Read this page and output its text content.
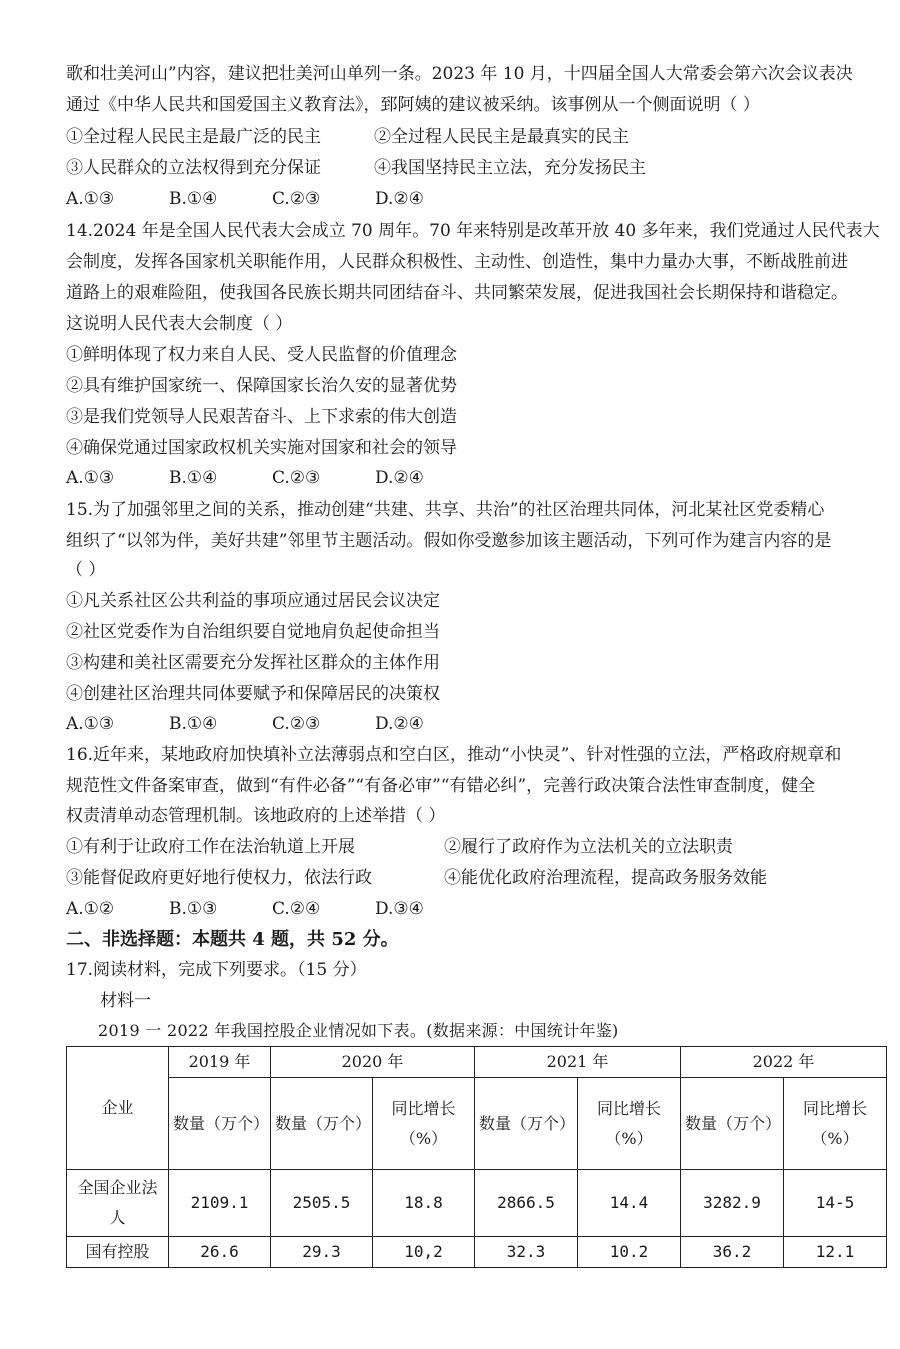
歌和壮美河山”内容，建议把壮美河山单列一条。2023 年 10 月，十四届全国人大常委会第六次会议表决
通过《中华人民共和国爱国主义教育法》，郅阿姨的建议被采纳。该事例从一个侧面说明（ ）
①全过程人民民主是最广泛的民主	②全过程人民民主是最真实的民主
③人民群众的立法权得到充分保证	④我国坚持民主立法，充分发扬民主
A.①③	B.①④	C.②③	D.②④
14.2024 年是全国人民代表大会成立 70 周年。70 年来特别是改革开放 40 多年来，我们党通过人民代表大
会制度，发挥各国家机关职能作用，人民群众积极性、主动性、创造性，集中力量办大事，不断战胜前进
道路上的艰难险阻，使我国各民族长期共同团结奋斗、共同繁荣发展，促进我国社会长期保持和谐稳定。
这说明人民代表大会制度（ ）
①鲜明体现了权力来自人民、受人民监督的价值理念
②具有维护国家统一、保障国家长治久安的显著优势
③是我们党领导人民艰苦奋斗、上下求索的伟大创造
④确保党通过国家政权机关实施对国家和社会的领导
A.①③	B.①④	C.②③	D.②④
15.为了加强邻里之间的关系，推动创建“共建、共享、共治”的社区治理共同体，河北某社区党委精心
组织了“以邻为伴，美好共建”邻里节主题活动。假如你受邀参加该主题活动，下列可作为建言内容的是
（ ）
①凡关系社区公共利益的事项应通过居民会议决定
②社区党委作为自治组织要自觉地肩负起使命担当
③构建和美社区需要充分发挥社区群众的主体作用
④创建社区治理共同体要赋予和保障居民的决策权
A.①③	B.①④	C.②③	D.②④
16.近年来，某地政府加快填补立法薄弱点和空白区，推动“小快灵”、针对性强的立法，严格政府规章和
规范性文件备案审查，做到“有件必备”“有备必审”“有错必纠”，完善行政决策合法性审查制度，健全
权责清单动态管理机制。该地政府的上述举措（ ）
①有利于让政府工作在法治轨道上开展	②履行了政府作为立法机关的立法职责
③能督促政府更好地行使权力，依法行政	④能优化政府治理流程，提高政务服务效能
A.①②	B.①③	C.②④	D.③④
二、非选择题：本题共 4 题，共 52 分。
17.阅读材料，完成下列要求。（15 分）
材料一
2019 一 2022 年我国控股企业情况如下表。(数据来源：中国统计年鉴)
企业	2019 年	2020 年		2021 年		2022 年	
	数量（万个）	数量（万个）	同比增长（%）	数量（万个）	同比增长（%）	数量（万个）	同比增长（%）
全国企业法人	2109.1	2505.5	18.8	2866.5	14.4	3282.9	14-5
国有控股	26.6	29.3	10,2	32.3	10.2	36.2	12.1
